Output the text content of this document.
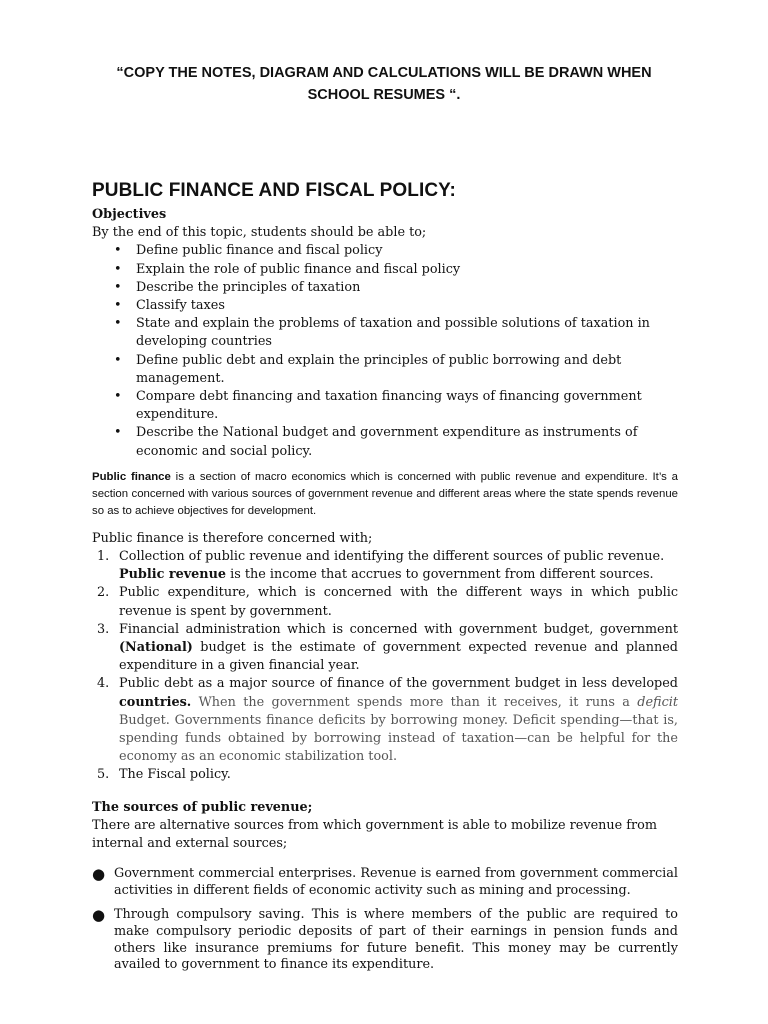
“COPY THE NOTES, DIAGRAM AND CALCULATIONS WILL BE DRAWN WHEN
SCHOOL RESUMES “.
PUBLIC FINANCE AND FISCAL POLICY:

Objectives

By the end of this topic, students should be able to;

• Define public finance and fiscal policy
• Explain the role of public finance and fiscal policy
• Describe the principles of taxation
• Classify taxes
• State and explain the problems of taxation and possible solutions of taxation in developing countries
• Define public debt and explain the principles of public borrowing and debt management.
• Compare debt financing and taxation financing ways of financing government expenditure.
• Describe the National budget and government expenditure as instruments of economic and social policy.

Public finance is a section of macro economics which is concerned with public revenue and expenditure. It’s a section concerned with various sources of government revenue and different areas where the state spends revenue so as to achieve objectives for development.

Public finance is therefore concerned with;

1. Collection of public revenue and identifying the different sources of public revenue.
Public revenue is the income that accrues to government from different sources.
2. Public expenditure, which is concerned with the different ways in which public revenue is spent by government.
3. Financial administration which is concerned with government budget, government (National) budget is the estimate of government expected revenue and planned expenditure in a given financial year.
4. Public debt as a major source of finance of the government budget in less developed countries. When the government spends more than it receives, it runs a deficit Budget. Governments finance deficits by borrowing money. Deficit spending—that is, spending funds obtained by borrowing instead of taxation—can be helpful for the economy as an economic stabilization tool.
5. The Fiscal policy.

The sources of public revenue;

There are alternative sources from which government is able to mobilize revenue from internal and external sources;

● Government commercial enterprises. Revenue is earned from government commercial activities in different fields of economic activity such as mining and processing.
● Through compulsory saving. This is where members of the public are required to make compulsory periodic deposits of part of their earnings in pension funds and others like insurance premiums for future benefit. This money may be currently availed to government to finance its expenditure.
